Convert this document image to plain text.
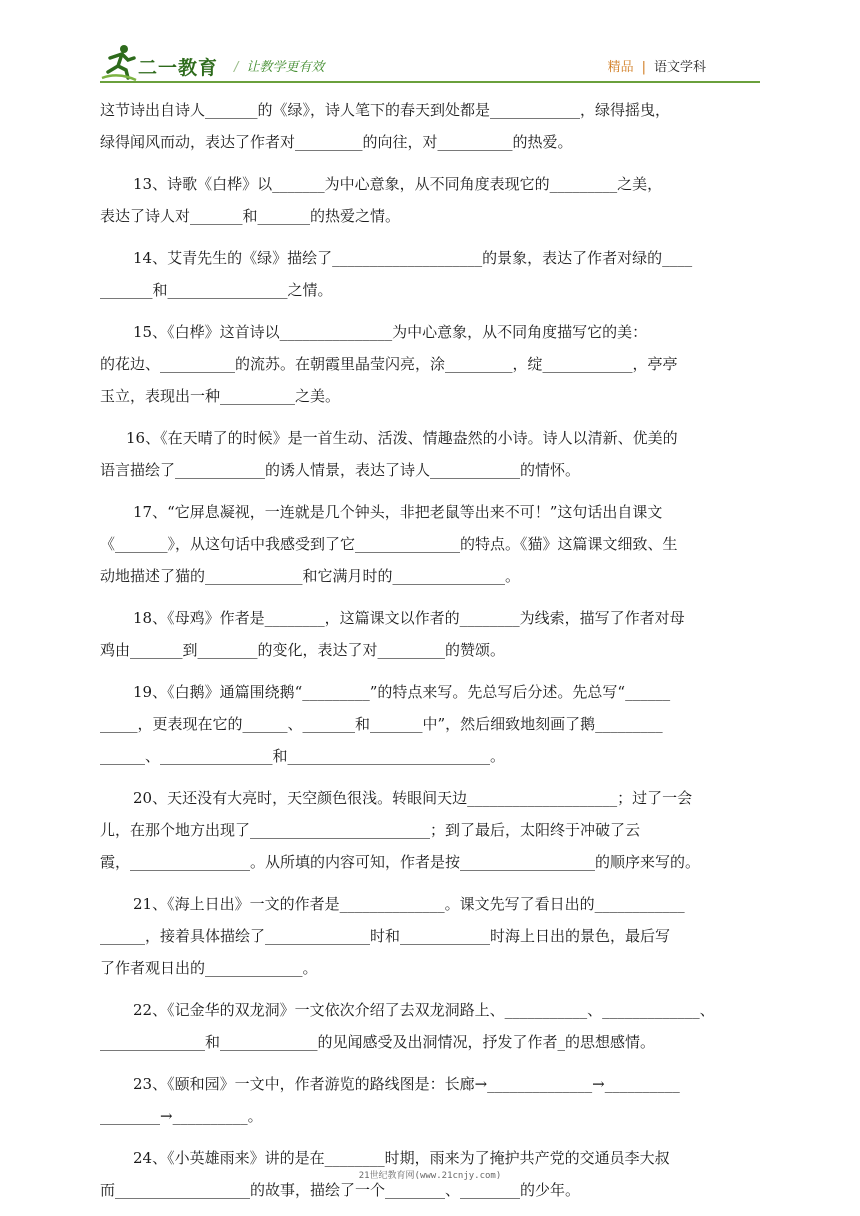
二一教育 / 让教学更有效	精品 | 语文学科
这节诗出自诗人_______的《绿》，诗人笔下的春天到处都是____________，绿得摇曳，
绿得闻风而动，表达了作者对_________的向往，对__________的热爱。
13、诗歌《白桦》以_______为中心意象，从不同角度表现它的_________之美，
表达了诗人对_______和_______的热爱之情。
14、艾青先生的《绿》描绘了____________________的景象，表达了作者对绿的____
_______和________________之情。
15、《白桦》这首诗以_______________为中心意象，从不同角度描写它的美：
的花边、__________的流苏。在朝霞里晶莹闪亮，涂_________，绽____________，亭亭
玉立，表现出一种__________之美。
16、《在天晴了的时候》是一首生动、活泼、情趣盎然的小诗。诗人以清新、优美的
语言描绘了____________的诱人情景，表达了诗人____________的情怀。
17、“它屏息凝视，一连就是几个钟头，非把老鼠等出来不可！”这句话出自课文
《_______》，从这句话中我感受到了它______________的特点。《猫》这篇课文细致、生
动地描述了猫的_____________和它满月时的_______________。
18、《母鸡》作者是________，这篇课文以作者的________为线索，描写了作者对母
鸡由_______到________的变化，表达了对_________的赞颂。
19、《白鹅》通篇围绕鹅“_________”的特点来写。先总写后分述。先总写“______
_____，更表现在它的______、_______和_______中”，然后细致地刻画了鹅_________
______、_______________和___________________________。
20、天还没有大亮时，天空颜色很浅。转眼间天边____________________；过了一会
儿，在那个地方出现了________________________；到了最后，太阳终于冲破了云
霞，________________。从所填的内容可知，作者是按__________________的顺序来写的。
21、《海上日出》一文的作者是______________。课文先写了看日出的____________
______，接着具体描绘了______________时和____________时海上日出的景色，最后写
了作者观日出的_____________。
22、《记金华的双龙洞》一文依次介绍了去双龙洞路上、___________、_____________、
______________和_____________的见闻感受及出洞情况，抒发了作者_的思想感情。
23、《颐和园》一文中，作者游览的路线图是：长廊→______________→__________
________→__________。
24、《小英雄雨来》讲的是在________时期，雨来为了掩护共产党的交通员李大叔
而__________________的故事，描绘了一个________、________的少年。
21世纪教育网(www.21cnjy.com)
